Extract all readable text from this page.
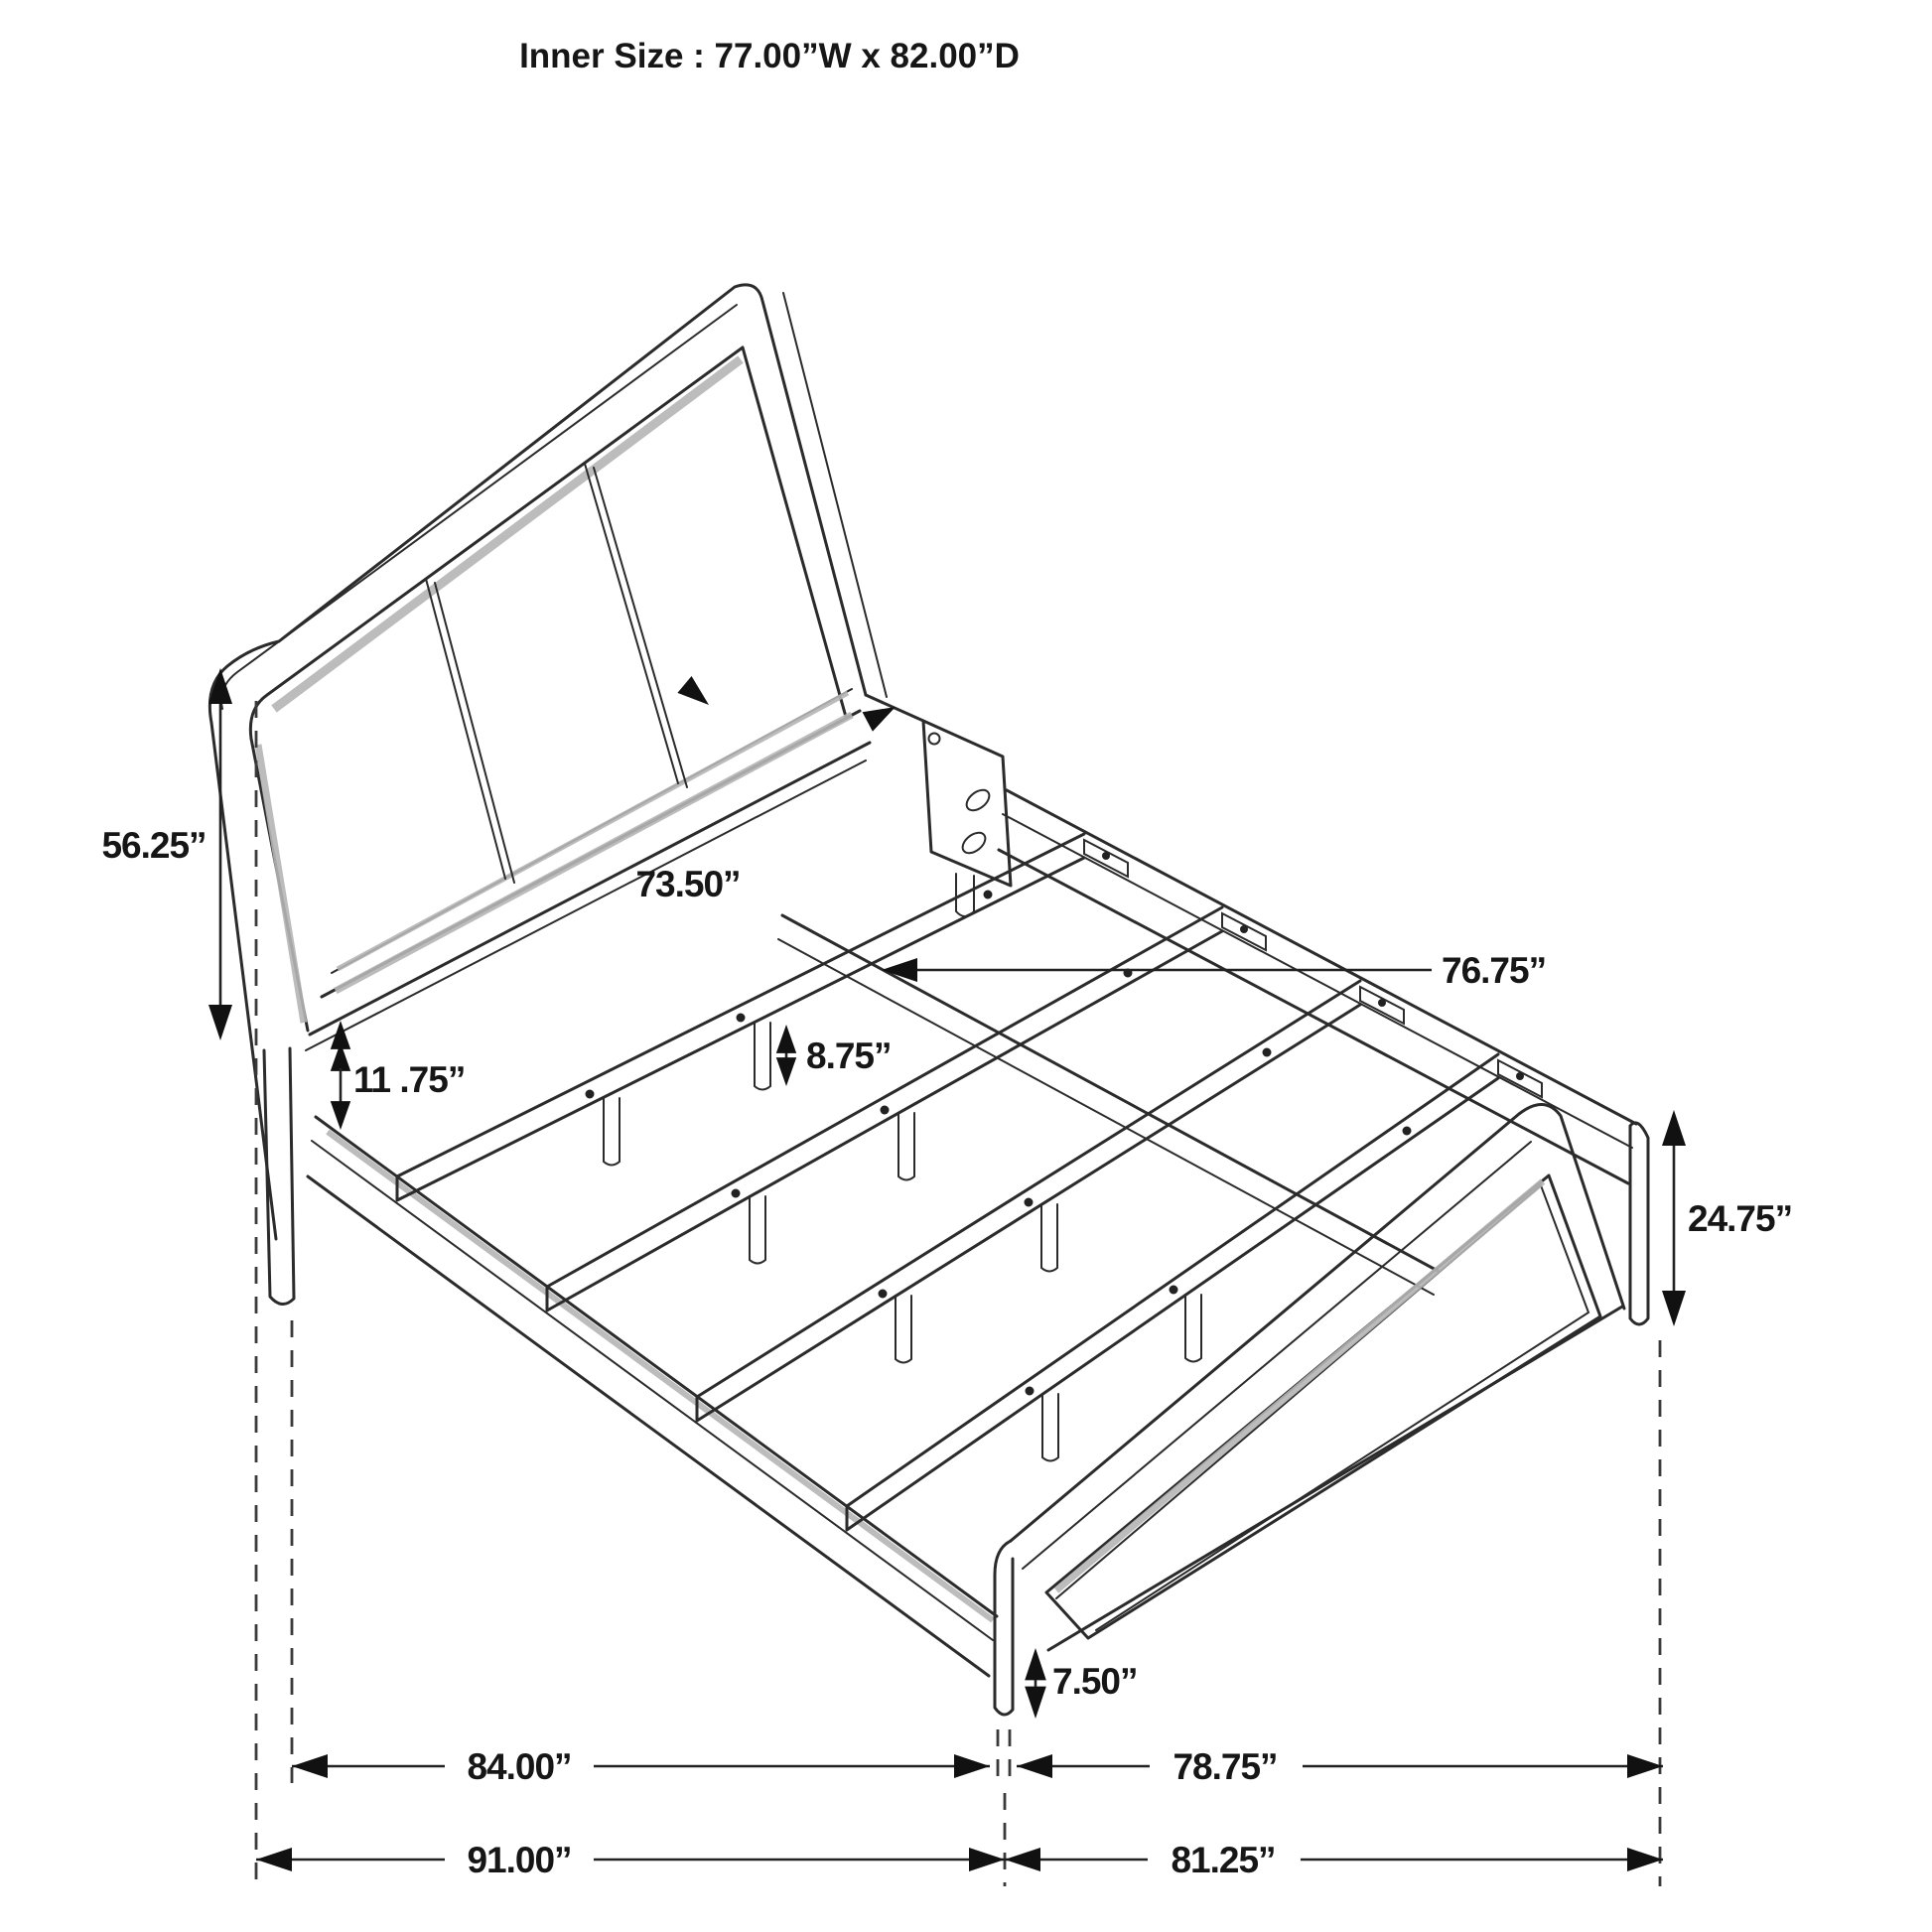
56.25”
73.50”
11 .75”
8.75”
76.75”
24.75”
7.50”
84.00”	78.75”
91.00”	81.25”
Inner Size : 77.00”W x 82.00”D
